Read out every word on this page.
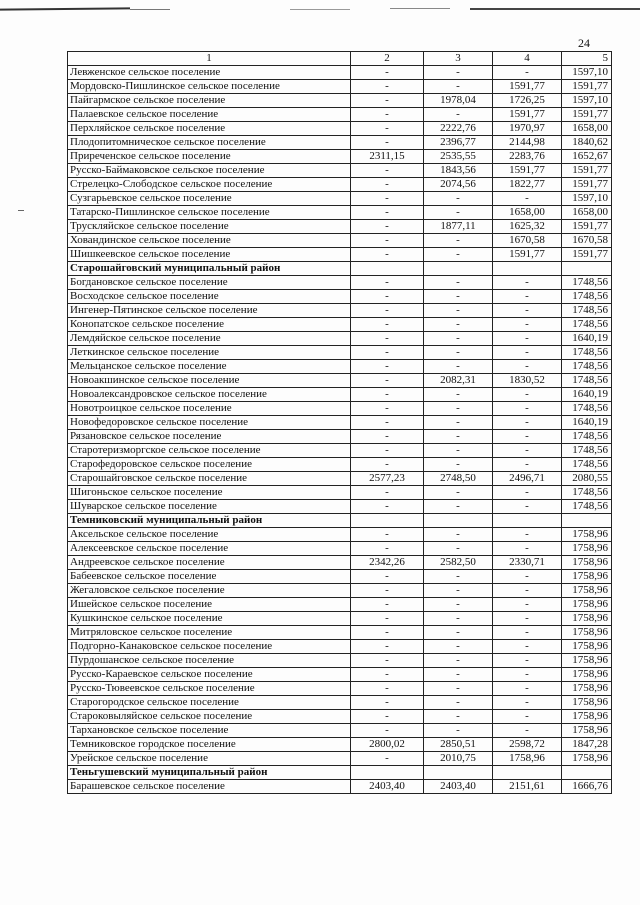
24
1	2	3	4	5
Левженское сельское поселение	-	-	-	1597,10
Мордовско-Пишлинское сельское поселение	-	-	1591,77	1591,77
Пайгармское сельское поселение	-	1978,04	1726,25	1597,10
Палаевское сельское поселение	-	-	1591,77	1591,77
Перхляйское сельское поселение	-	2222,76	1970,97	1658,00
Плодопитомническое сельское поселение	-	2396,77	2144,98	1840,62
Приреченское сельское поселение	2311,15	2535,55	2283,76	1652,67
Русско-Баймаковское сельское поселение	-	1843,56	1591,77	1591,77
Стрелецко-Слободское сельское поселение	-	2074,56	1822,77	1591,77
Сузгарьевское сельское поселение	-	-	-	1597,10
Татарско-Пишлинское сельское поселение	-	-	1658,00	1658,00
Трускляйское сельское поселение	-	1877,11	1625,32	1591,77
Ховандинское сельское поселение	-	-	1670,58	1670,58
Шишкеевское сельское поселение	-	-	1591,77	1591,77
Старошайговский муниципальный район				
Богдановское сельское поселение	-	-	-	1748,56
Восходское сельское поселение	-	-	-	1748,56
Ингенер-Пятинское сельское поселение	-	-	-	1748,56
Конопатское сельское поселение	-	-	-	1748,56
Лемдяйское сельское поселение	-	-	-	1640,19
Леткинское сельское поселение	-	-	-	1748,56
Мельцанское сельское поселение	-	-	-	1748,56
Новоакшинское сельское поселение	-	2082,31	1830,52	1748,56
Новоалександровское сельское поселение	-	-	-	1640,19
Новотроицкое сельское поселение	-	-	-	1748,56
Новофедоровское сельское поселение	-	-	-	1640,19
Рязановское сельское поселение	-	-	-	1748,56
Старотеризморгское сельское поселение	-	-	-	1748,56
Старофедоровское сельское поселение	-	-	-	1748,56
Старошайговское сельское поселение	2577,23	2748,50	2496,71	2080,55
Шигоньское сельское поселение	-	-	-	1748,56
Шуварское сельское поселение	-	-	-	1748,56
Темниковский муниципальный район				
Аксельское сельское поселение	-	-	-	1758,96
Алексеевское сельское поселение	-	-	-	1758,96
Андреевское сельское поселение	2342,26	2582,50	2330,71	1758,96
Бабеевское сельское поселение	-	-	-	1758,96
Жегаловское сельское поселение	-	-	-	1758,96
Ишейское сельское поселение	-	-	-	1758,96
Кушкинское сельское поселение	-	-	-	1758,96
Митряловское сельское поселение	-	-	-	1758,96
Подгорно-Канаковское сельское поселение	-	-	-	1758,96
Пурдошанское сельское поселение	-	-	-	1758,96
Русско-Караевское сельское поселение	-	-	-	1758,96
Русско-Тювеевское сельское поселение	-	-	-	1758,96
Старогородское сельское поселение	-	-	-	1758,96
Староковыляйское сельское поселение	-	-	-	1758,96
Тархановское сельское поселение	-	-	-	1758,96
Темниковское городское поселение	2800,02	2850,51	2598,72	1847,28
Урейское сельское поселение	-	2010,75	1758,96	1758,96
Теньгушевский муниципальный район				
Барашевское сельское поселение	2403,40	2403,40	2151,61	1666,76
